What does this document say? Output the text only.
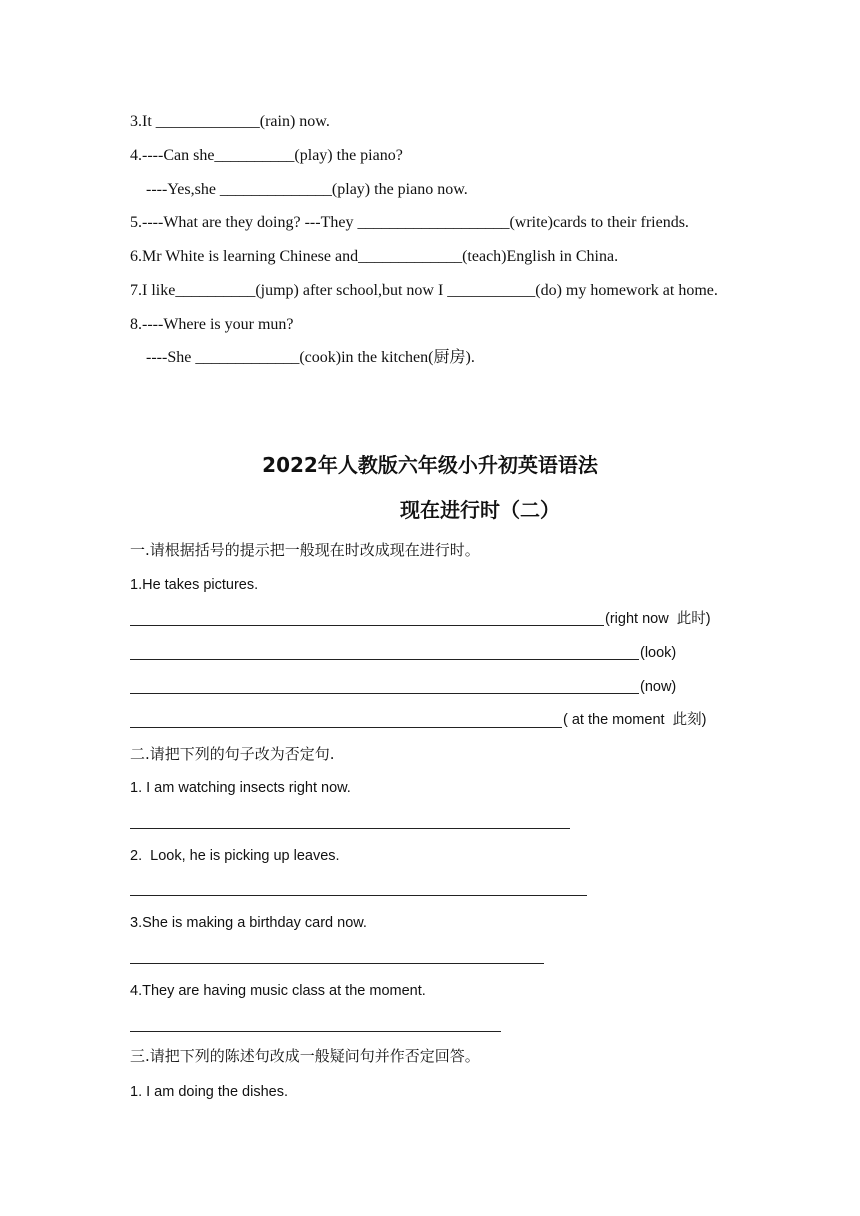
3.It _____________(rain) now.
4.----Can she__________(play) the piano?
----Yes,she ______________(play) the piano now.
5.----What are they doing? ---They ___________________(write)cards to their friends.
6.Mr White is learning Chinese and_____________(teach)English in China.
7.I like__________(jump) after school,but now I ___________(do) my homework at home.
8.----Where is your mun?
----She _____________(cook)in the kitchen(厨房).
2022年人教版六年级小升初英语语法
现在进行时（二）
一.请根据括号的提示把一般现在时改成现在进行时。
1.He takes pictures.
(right now  此时)
(look)
(now)
( at the moment  此刻)
二.请把下列的句子改为否定句.
1. I am watching insects right now.
2.  Look, he is picking up leaves.
3.She is making a birthday card now.
4.They are having music class at the moment.
三.请把下列的陈述句改成一般疑问句并作否定回答。
1. I am doing the dishes.
